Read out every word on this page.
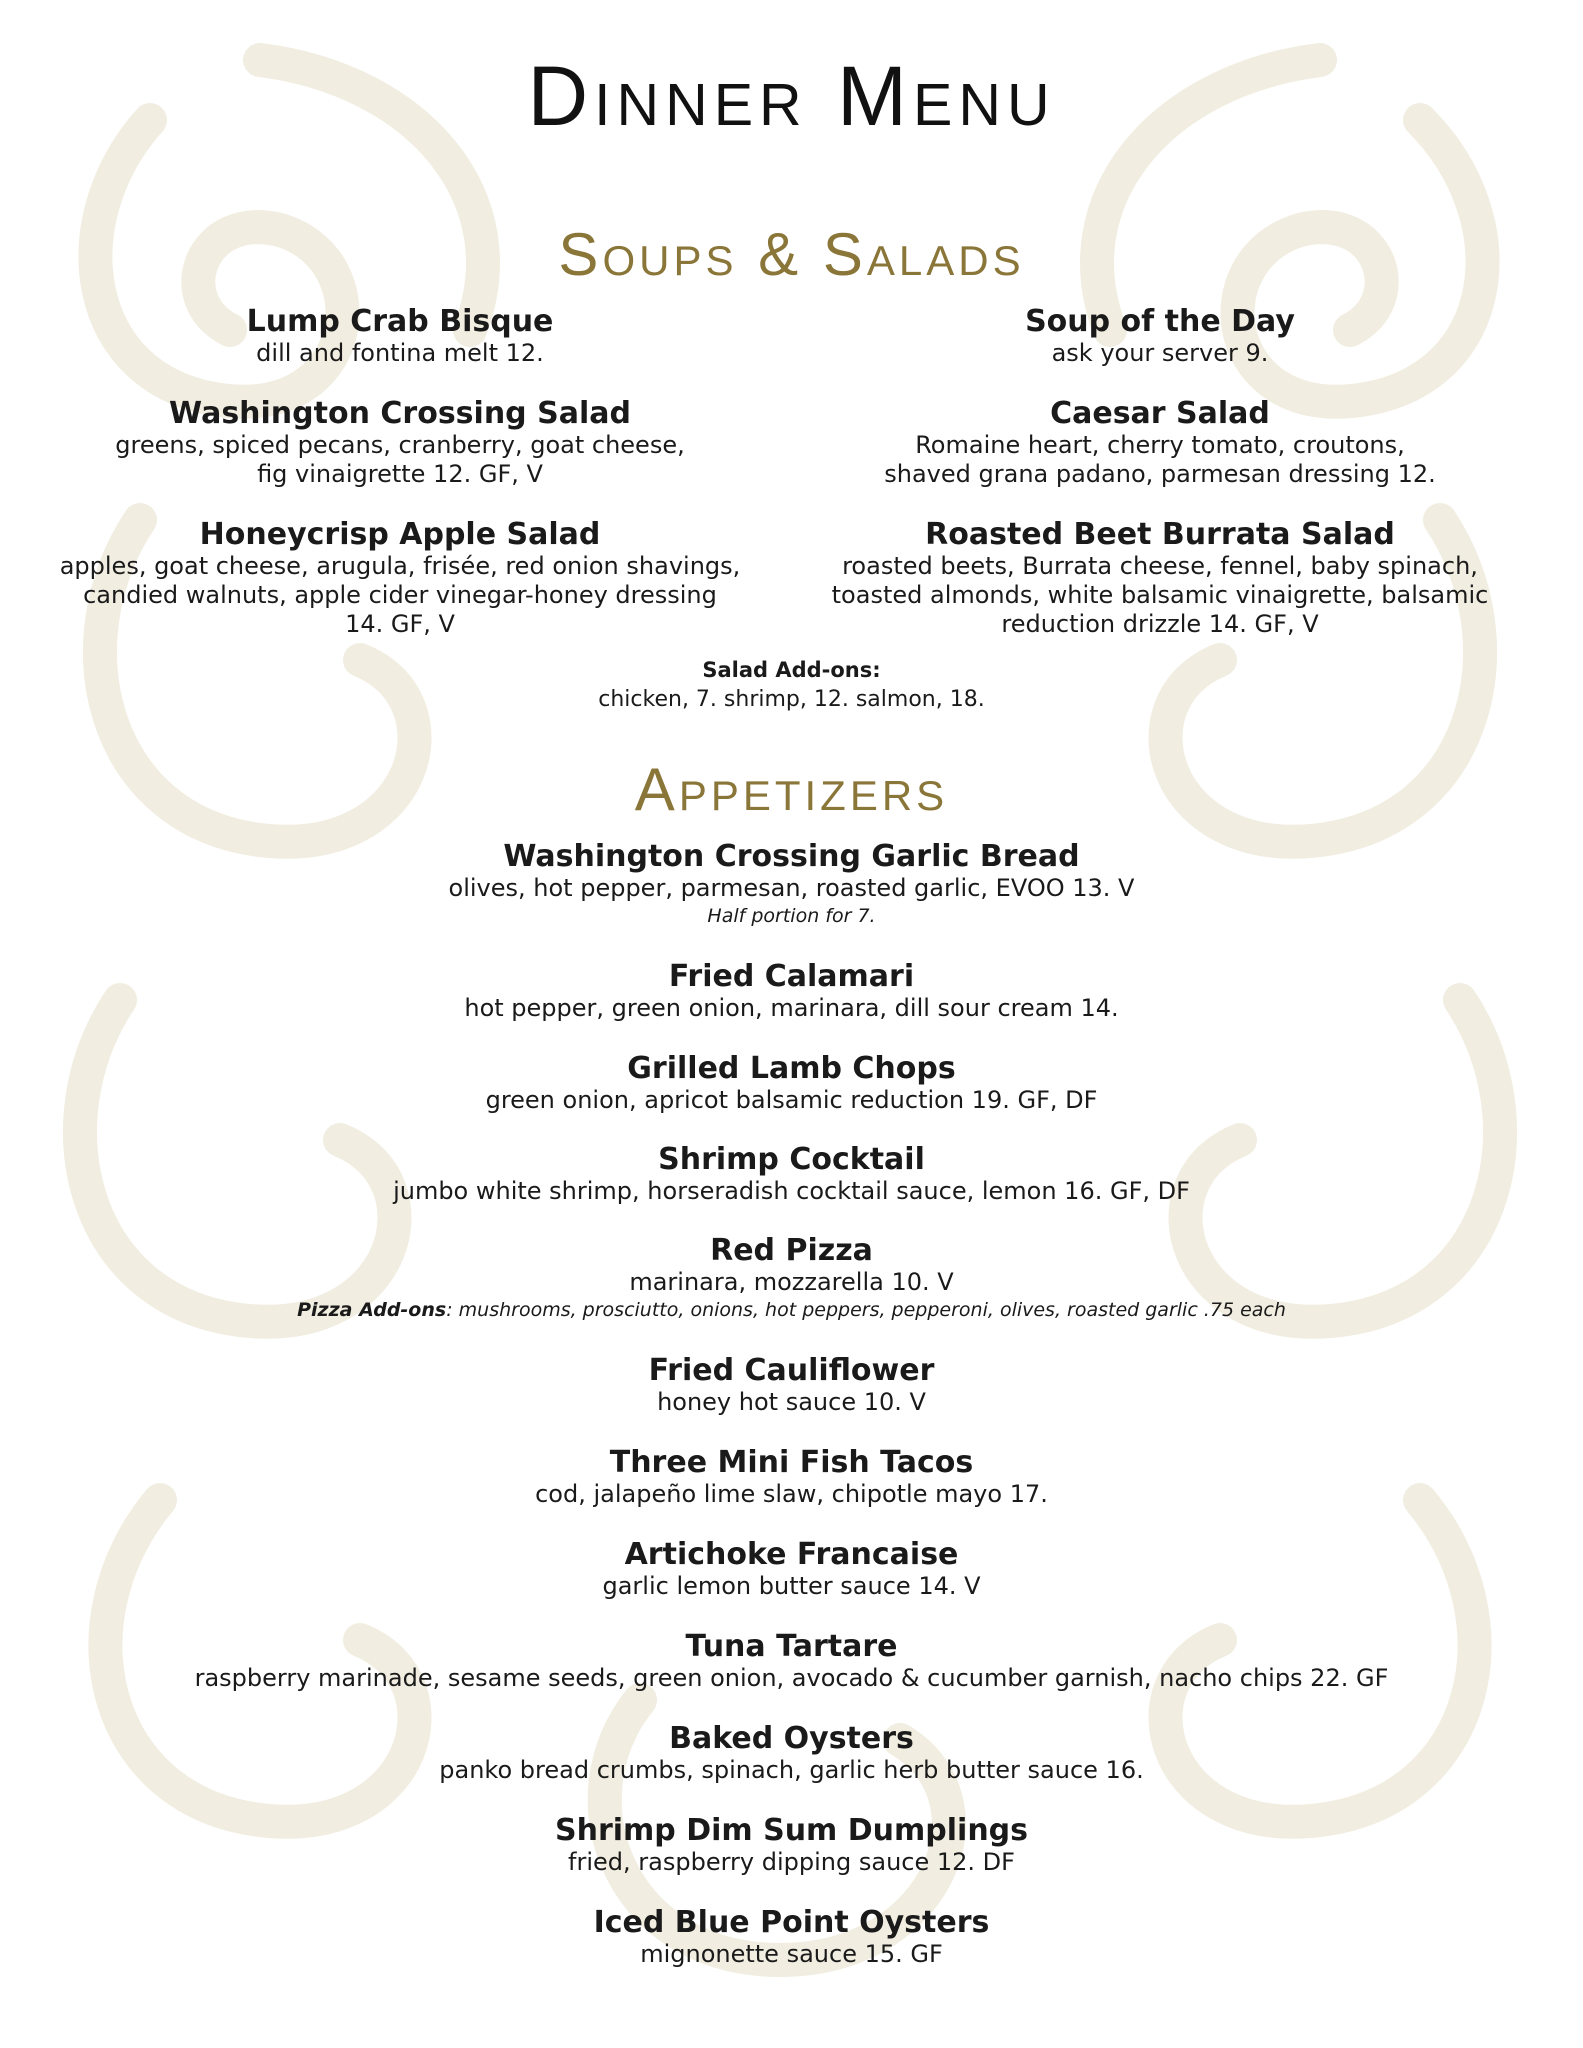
Dinner Menu
Soups & Salads
Lump Crab Bisque
dill and fontina melt 12.
Washington Crossing Salad
greens, spiced pecans, cranberry, goat cheese,
fig vinaigrette 12. GF, V
Honeycrisp Apple Salad
apples, goat cheese, arugula, frisée, red onion shavings,
candied walnuts, apple cider vinegar-honey dressing
14. GF, V
Soup of the Day
ask your server 9.
Caesar Salad
Romaine heart, cherry tomato, croutons,
shaved grana padano, parmesan dressing 12.
Roasted Beet Burrata Salad
roasted beets, Burrata cheese, fennel, baby spinach,
toasted almonds, white balsamic vinaigrette, balsamic
reduction drizzle 14. GF, V
Salad Add-ons:
chicken, 7. shrimp, 12. salmon, 18.
Appetizers
Washington Crossing Garlic Bread
olives, hot pepper, parmesan, roasted garlic, EVOO 13. V
Half portion for 7.
Fried Calamari
hot pepper, green onion, marinara, dill sour cream 14.
Grilled Lamb Chops
green onion, apricot balsamic reduction 19. GF, DF
Shrimp Cocktail
jumbo white shrimp, horseradish cocktail sauce, lemon 16. GF, DF
Red Pizza
marinara, mozzarella 10. V
Pizza Add-ons: mushrooms, prosciutto, onions, hot peppers, pepperoni, olives, roasted garlic .75 each
Fried Cauliflower
honey hot sauce 10. V
Three Mini Fish Tacos
cod, jalapeño lime slaw, chipotle mayo 17.
Artichoke Francaise
garlic lemon butter sauce 14. V
Tuna Tartare
raspberry marinade, sesame seeds, green onion, avocado & cucumber garnish, nacho chips 22. GF
Baked Oysters
panko bread crumbs, spinach, garlic herb butter sauce 16.
Shrimp Dim Sum Dumplings
fried, raspberry dipping sauce 12. DF
Iced Blue Point Oysters
mignonette sauce 15. GF
